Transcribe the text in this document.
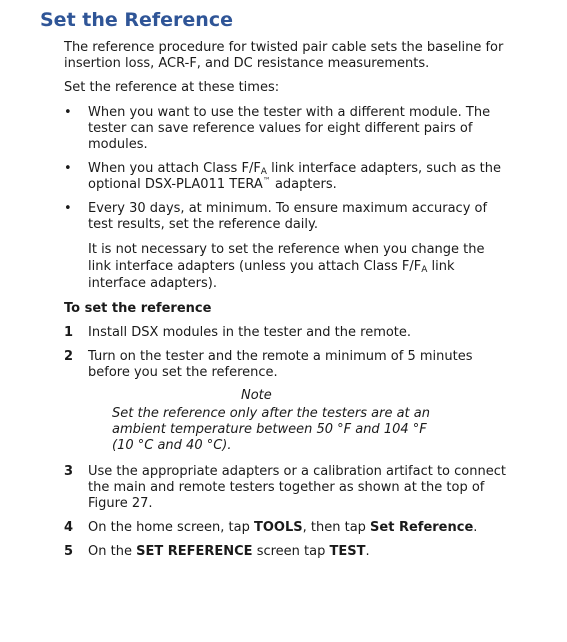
Set the Reference
The reference procedure for twisted pair cable sets the baseline for insertion loss, ACR-F, and DC resistance measurements.
Set the reference at these times:
• When you want to use the tester with a different module. The tester can save reference values for eight different pairs of modules.
• When you attach Class $F/F_A$ link interface adapters, such as the optional DSX-PLA011 TERA™ adapters.
• Every 30 days, at minimum. To ensure maximum accuracy of test results, set the reference daily.
It is not necessary to set the reference when you change the link interface adapters (unless you attach Class $F/F_A$ link interface adapters).
To set the reference
1	Install DSX modules in the tester and the remote.
2	Turn on the tester and the remote a minimum of 5 minutes before you set the reference.
Note
Set the reference only after the testers are at an ambient temperature between 50 °F and 104 °F (10 °C and 40 °C).
3	Use the appropriate adapters or a calibration artifact to connect the main and remote testers together as shown at the top of Figure 27.
4	On the home screen, tap TOOLS, then tap Set Reference.
5	On the SET REFERENCE screen tap TEST.
